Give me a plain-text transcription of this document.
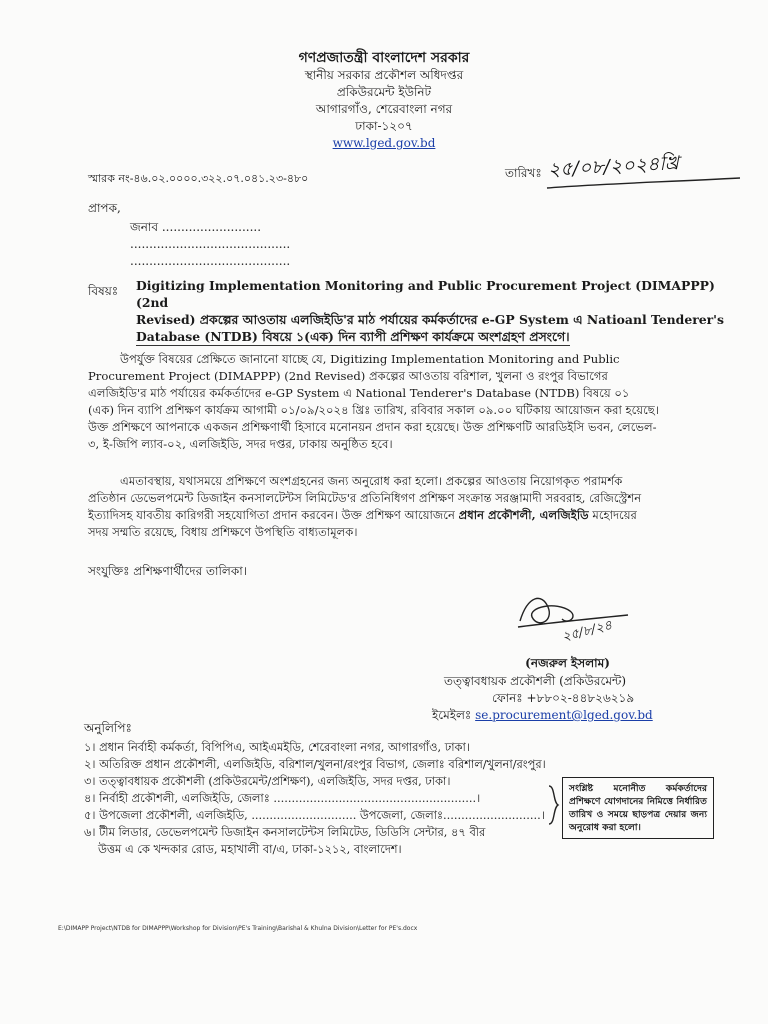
গণপ্রজাতন্ত্রী বাংলাদেশ সরকার
স্থানীয় সরকার প্রকৌশল অধিদপ্তর
প্রকিউরমেন্ট ইউনিট
আগারগাঁও, শেরেবাংলা নগর
ঢাকা-১২০৭
www.lged.gov.bd
স্মারক নং-৪৬.০২.০০০০.৩২২.০৭.০৪১.২৩-৪৮০	তারিখঃ ২৫/০৮/২০২৪খ্রি
প্রাপক,
জনাব ..........................
..........................................
..........................................
বিষয়ঃ Digitizing Implementation Monitoring and Public Procurement Project (DIMAPPP) (2nd
Revised) প্রকল্পের আওতায় এলজিইডি'র মাঠ পর্যায়ের কর্মকর্তাদের e-GP System এ Natioanl Tenderer's
Database (NTDB) বিষয়ে ১(এক) দিন ব্যাপী প্রশিক্ষণ কার্যক্রমে অংশগ্রহণ প্রসংগে।
উপর্যুক্ত বিষয়ের প্রেক্ষিতে জানানো যাচ্ছে যে, Digitizing Implementation Monitoring and Public
Procurement Project (DIMAPPP) (2nd Revised) প্রকল্পের আওতায় বরিশাল, খুলনা ও রংপুর বিভাগের
এলজিইডি'র মাঠ পর্যায়ের কর্মকর্তাদের e-GP System এ National Tenderer's Database (NTDB) বিষয়ে ০১
(এক) দিন ব্যাপি প্রশিক্ষণ কার্যক্রম আগামী ০১/০৯/২০২৪ খ্রিঃ তারিখ, রবিবার সকাল ০৯.০০ ঘটিকায় আয়োজন করা হয়েছে।
উক্ত প্রশিক্ষণে আপনাকে একজন প্রশিক্ষণার্থী হিসাবে মনোনয়ন প্রদান করা হয়েছে। উক্ত প্রশিক্ষণটি আরডিইসি ভবন, লেভেল-
৩, ই-জিপি ল্যাব-০২, এলজিইডি, সদর দপ্তর, ঢাকায় অনুষ্ঠিত হবে।
এমতাবস্থায়, যথাসময়ে প্রশিক্ষণে অংশগ্রহনের জন্য অনুরোধ করা হলো। প্রকল্পের আওতায় নিয়োগকৃত পরামর্শক
প্রতিষ্ঠান ডেভেলপমেন্ট ডিজাইন কনসালটেন্টস লিমিটেড'র প্রতিনিধিগণ প্রশিক্ষণ সংক্রান্ত সরঞ্জামাদী সরবরাহ, রেজিস্ট্রেশন
ইত্যাদিসহ যাবতীয় কারিগরী সহযোগিতা প্রদান করবেন। উক্ত প্রশিক্ষণ আয়োজনে প্রধান প্রকৌশলী, এলজিইডি মহোদয়ের
সদয় সম্মতি রয়েছে, বিধায় প্রশিক্ষণে উপস্থিতি বাধ্যতামূলক।
সংযুক্তিঃ প্রশিক্ষণার্থীদের তালিকা।
২৫/৮/২৪
(নজরুল ইসলাম)
তত্ত্বাবধায়ক প্রকৌশলী (প্রকিউরমেন্ট)
ফোনঃ +৮৮০২-৪৪৮২৬২১৯
ইমেইলঃ se.procurement@lged.gov.bd
অনুলিপিঃ
১। প্রধান নির্বাহী কর্মকর্তা, বিপিপিএ, আইএমইডি, শেরেবাংলা নগর, আগারগাঁও, ঢাকা।
২। অতিরিক্ত প্রধান প্রকৌশলী, এলজিইডি, বরিশাল/খুলনা/রংপুর বিভাগ, জেলাঃ বরিশাল/খুলনা/রংপুর।
৩। তত্ত্বাবধায়ক প্রকৌশলী (প্রকিউরমেন্ট/প্রশিক্ষণ), এলজিইডি, সদর দপ্তর, ঢাকা।
৪। নির্বাহী প্রকৌশলী, এলজিইডি, জেলাঃ ........................................................।
৫। উপজেলা প্রকৌশলী, এলজিইডি, ............................. উপজেলা, জেলাঃ...........................।
৬। টীম লিডার, ডেভেলপমেন্ট ডিজাইন কনসালটেন্টস লিমিটেড, ডিডিসি সেন্টার, ৪৭ বীর
উত্তম এ কে খন্দকার রোড, মহাখালী বা/এ, ঢাকা-১২১২, বাংলাদেশ।
সংশ্লিষ্ট মনোনীত কর্মকর্তাদের প্রশিক্ষণে যোগদানের নিমিত্তে নির্ধারিত তারিখ ও সময়ে ছাড়পত্র দেয়ার জন্য অনুরোধ করা হলো।
E:\DIMAPP Project\NTDB for DIMAPPP\Workshop for Division\PE's Training\Barishal & Khulna Division\Letter for PE's.docx
